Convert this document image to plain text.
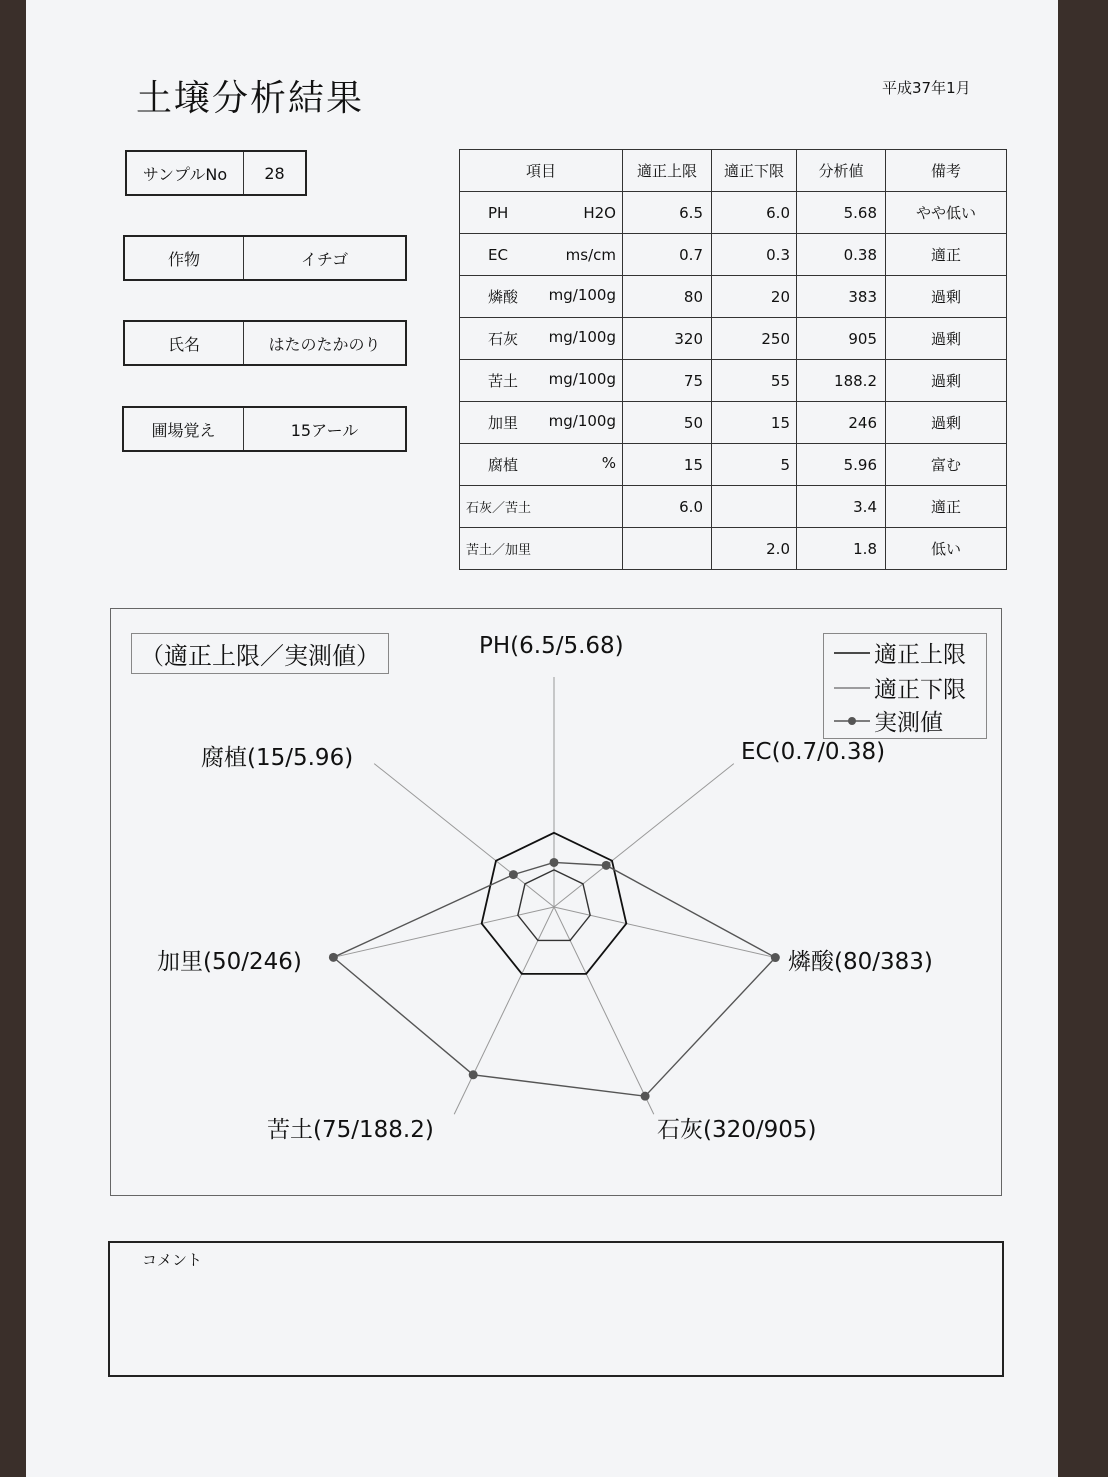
土壌分析結果	平成37年1月
サンプルNo	28
作物	イチゴ
氏名	はたのたかのり
圃場覚え	15アール
項目	適正上限	適正下限	分析値	備考

PH H2O	6.5	6.0	5.68	やや低い

EC ms/cm	0.7	0.3	0.38	適正

燐酸 mg/100g	80	20	383	過剰

石灰 mg/100g	320	250	905	過剰

苦土 mg/100g	75	55	188.2	過剰

加里 mg/100g	50	15	246	過剰

腐植 %	15	5	5.96	富む

石灰／苦土	6.0		3.4	適正

苦土／加里		2.0	1.8	低い
（適正上限／実測値）	適正上限
適正下限
実測値
PH(6.5/5.68)
EC(0.7/0.38)
燐酸(80/383)
石灰(320/905)
苦土(75/188.2)
加里(50/246)
腐植(15/5.96)
コメント
